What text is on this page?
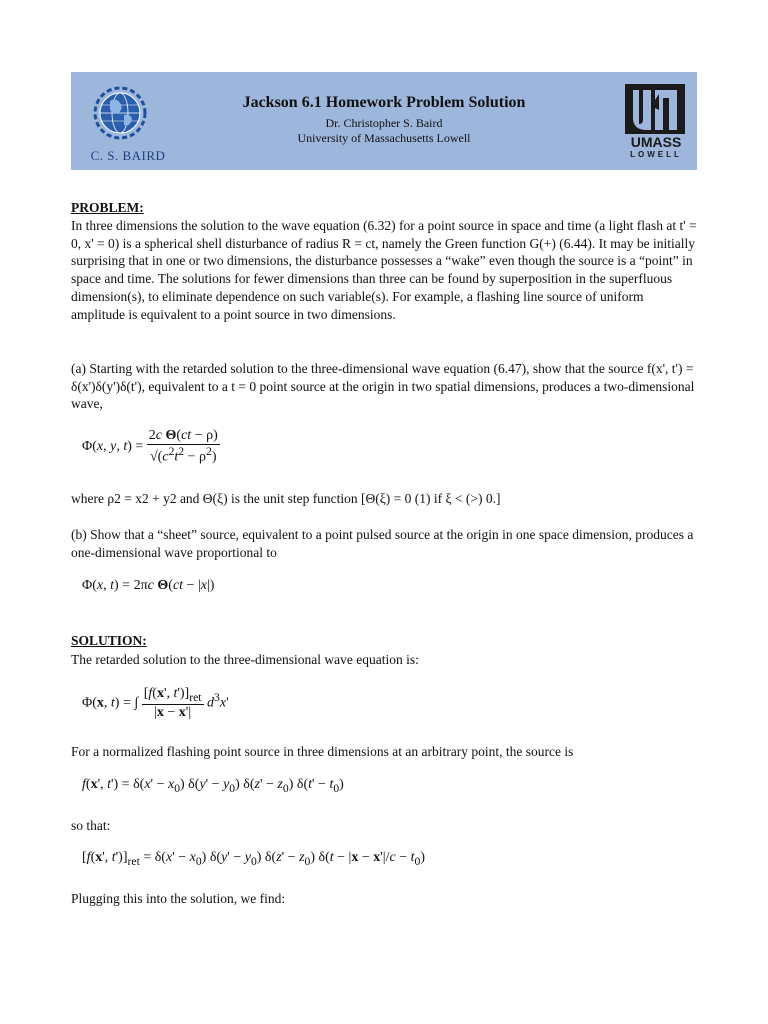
C. S. BAIRD
Jackson 6.1 Homework Problem Solution
Dr. Christopher S. Baird
University of Massachusetts Lowell	UMASS
LOWELL
PROBLEM:
In three dimensions the solution to the wave equation (6.32) for a point source in space and time (a light flash at t' = 0, x' = 0) is a spherical shell disturbance of radius R = ct, namely the Green function G(+) (6.44). It may be initially surprising that in one or two dimensions, the disturbance possesses a “wake” even though the source is a “point” in space and time. The solutions for fewer dimensions than three can be found by superposition in the superfluous dimension(s), to eliminate dependence on such variable(s). For example, a flashing line source of uniform amplitude is equivalent to a point source in two dimensions.
(a) Starting with the retarded solution to the three-dimensional wave equation (6.47), show that the source f(x', t') = δ(x')δ(y')δ(t'), equivalent to a t = 0 point source at the origin in two spatial dimensions, produces a two-dimensional wave,
Φ(x, y, $t) = \frac{\text{2c Θ(ct − ρ)}}{√(c^2t^2 - \rho^2)}$
where ρ2 = x2 + y2 and Θ(ξ) is the unit step function [Θ(ξ) = 0 (1) if ξ < (>) 0.]
(b) Show that a “sheet” source, equivalent to a point pulsed source at the origin in one space dimension, produces a one-dimensional wave proportional to
Φ(x, t) = 2πc Θ(ct − |x|)
SOLUTION:
The retarded solution to the three-dimensional wave equation is:
Φ(x, t) = ∫ $\frac{[f(x', t')]_{ret}}{|x - x'|} d^3x'$
For a normalized flashing point source in three dimensions at an arbitrary point, the source is
f(x', $t') = \delta(x' - x_0)$ $\delta(y' - y_0)$ $\delta(z' - z_0)$ $\delta(t' - t_0)$
so that:
[f(x', $t')]_{ret} = \delta(x' - x_0)$ $\delta(y' - y_0)$ $\delta(z' - z_0)$ $\delta(t - |x - x'|/c - t_0)$
Plugging this into the solution, we find:
